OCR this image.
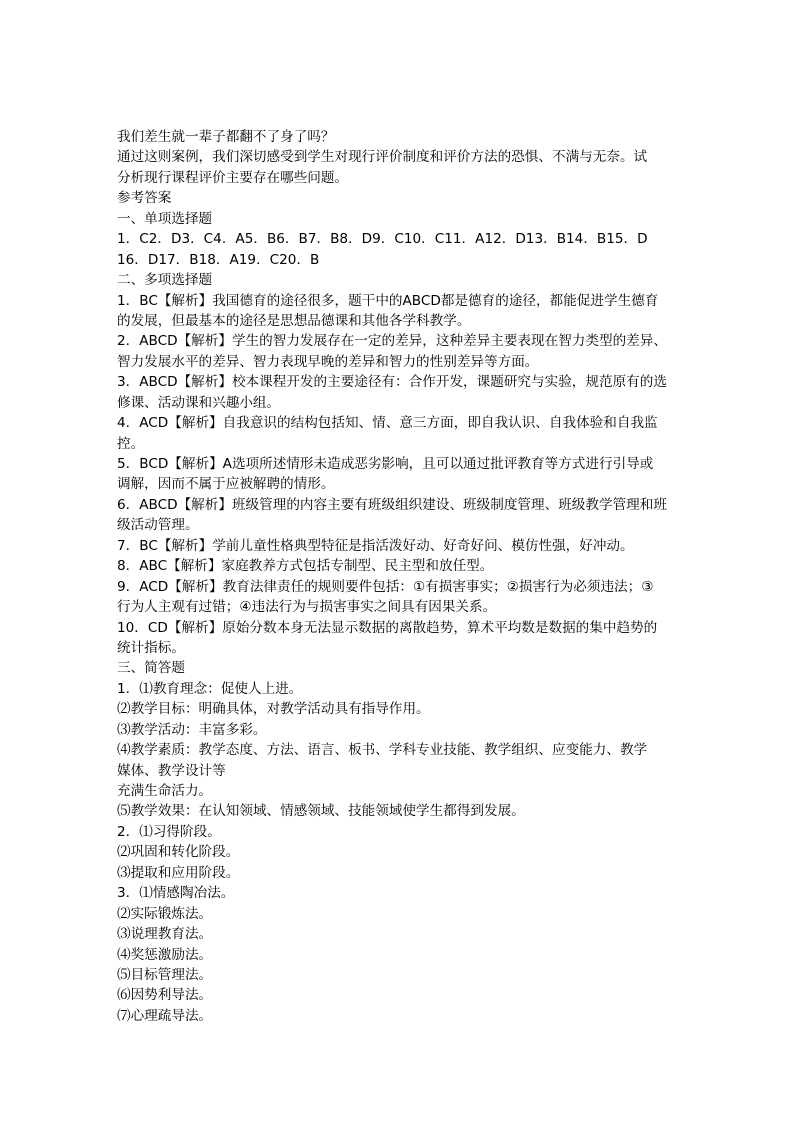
我们差生就一辈子都翻不了身了吗？
通过这则案例，我们深切感受到学生对现行评价制度和评价方法的恐惧、不满与无奈。试
分析现行课程评价主要存在哪些问题。
参考答案
一、单项选择题
1．C2．D3．C4．A5．B6．B7．B8．D9．C10．C11．A12．D13．B14．B15．D
16．D17．B18．A19．C20．B
二、多项选择题
1．BC【解析】我国德育的途径很多，题干中的ABCD都是德育的途径，都能促进学生德育
的发展，但最基本的途径是思想品德课和其他各学科教学。
2．ABCD【解析】学生的智力发展存在一定的差异，这种差异主要表现在智力类型的差异、
智力发展水平的差异、智力表现早晚的差异和智力的性别差异等方面。
3．ABCD【解析】校本课程开发的主要途径有：合作开发，课题研究与实验，规范原有的选
修课、活动课和兴趣小组。
4．ACD【解析】自我意识的结构包括知、情、意三方面，即自我认识、自我体验和自我监
控。
5．BCD【解析】A选项所述情形未造成恶劣影响，且可以通过批评教育等方式进行引导或
调解，因而不属于应被解聘的情形。
6．ABCD【解析】班级管理的内容主要有班级组织建设、班级制度管理、班级教学管理和班
级活动管理。
7．BC【解析】学前儿童性格典型特征是指活泼好动、好奇好问、模仿性强，好冲动。
8．ABC【解析】家庭教养方式包括专制型、民主型和放任型。
9．ACD【解析】教育法律责任的规则要件包括：①有损害事实；②损害行为必须违法；③
行为人主观有过错；④违法行为与损害事实之间具有因果关系。
10．CD【解析】原始分数本身无法显示数据的离散趋势，算术平均数是数据的集中趋势的
统计指标。
三、简答题
1．⑴教育理念：促使人上进。
⑵教学目标：明确具体，对教学活动具有指导作用。
⑶教学活动：丰富多彩。
⑷教学素质：教学态度、方法、语言、板书、学科专业技能、教学组织、应变能力、教学
媒体、教学设计等
充满生命活力。
⑸教学效果：在认知领域、情感领域、技能领域使学生都得到发展。
2．⑴习得阶段。
⑵巩固和转化阶段。
⑶提取和应用阶段。
3．⑴情感陶冶法。
⑵实际锻炼法。
⑶说理教育法。
⑷奖惩激励法。
⑸目标管理法。
⑹因势利导法。
⑺心理疏导法。
